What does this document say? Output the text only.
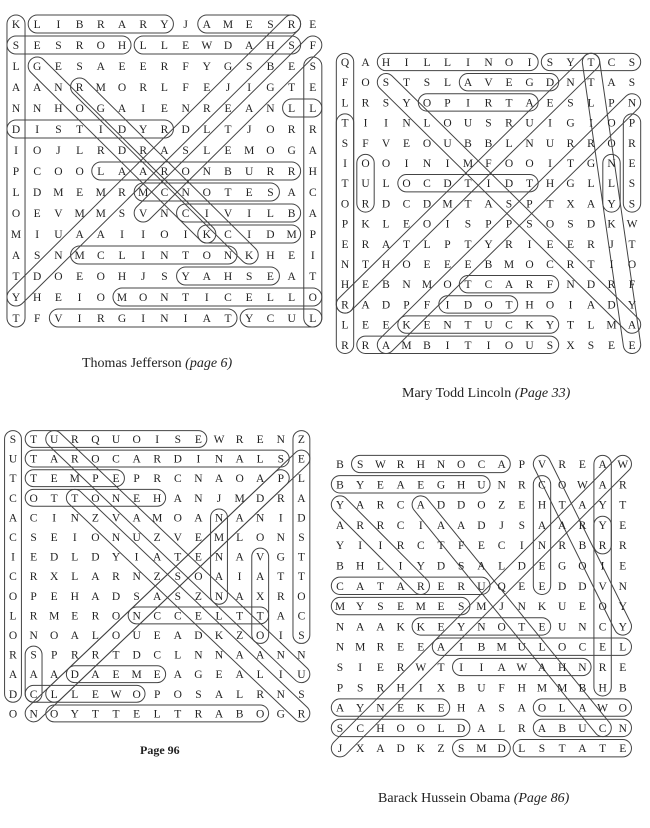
K L I B R A R Y J A M E S R E
S E S R O H L L E W D A H S F
L G E S A E E R F Y G S B E S
A A N R M O R L F E J I G T E
N N H O G A I E N R E A N L L
D I S T I D Y R D L T J O R R
I O J L R D R A S L E M O G A
P C O O L A A R O N B U R R H
L D M E M R M C N O T E S A C
O E V M M S V N C I V I L B A
M I U A A I I O I K C I D M P
A S N M C L I N T O N K H E I
T D O E O H J S Y A H S E A T
Y H E I O M O N T I C E L L O
T F V I R G I N I A T Y C U L
Thomas Jefferson (page 6)
Q A H I L L I N O I S Y T C S
F O S T S L A V E G D N T A S
L R S Y O P I R T A E S L P N
T I I N L O U S R U I G I O P
S F V E O U B B L N U R R O R
I O O I N I M F O O I T G N E
T U L O C D T I D T H G L L S
O R D C D M T A S P T X A Y S
P K L E O I S P P S O S D K W
E R A T L P T Y R I E E R J T
N T H O E E E B M O C R T I O
H E B N M O T C A R F N D R F
R A D P F I D O T H O I A D Y
L E E K E N T U C K Y T L M A
R R A M B I T I O U S X S E E
Mary Todd Lincoln (Page 33)
S T U R Q U O I S E W R E N Z
U T A R O C A R D I N A L S E
T T E M P E P R C N A O A P L
C O T T O N E H A N J M D R A
A C I N Z V A M O A N A N I D
C S E I O N U Z V E M L O N S
I E D L D Y I A T E N A V G T
C R X L A R N Z S O A I A T T
O P E H A D S A S Z N A X R O
L R M E R O N C C E L T T A C
O N O A L O U E A D K Z O I S
R S P R R T D C L N N A A N N
A A A D A E M E A G E A L I U
D C L L E W O P O S A L R N S
O N O Y T T E L T R A B O G R
Page 96
B S W R H N O C A P V R E A W
B Y E A E G H U N R C O W A R
Y A R C A D D O Z E H T A Y T
A R R C I A A D J S A A R Y E
Y I I R C T F E C I N R B R R
B H L I Y D S A L D E G O I E
C A T A R E R U Q E E D D V N
M Y S E M E S M J N K U E O Y
N A A K K E Y N O T E U N C Y
N M R E E A I B M U L O C E L
S I E R W T I I A W A H N R E
P S R H I X B U F H M M B H B
A Y N E K E H A S A O L A W O
S C H O O L D A L R A B U C N
J X A D K Z S M D L S T A T E
Barack Hussein Obama (Page 86)
